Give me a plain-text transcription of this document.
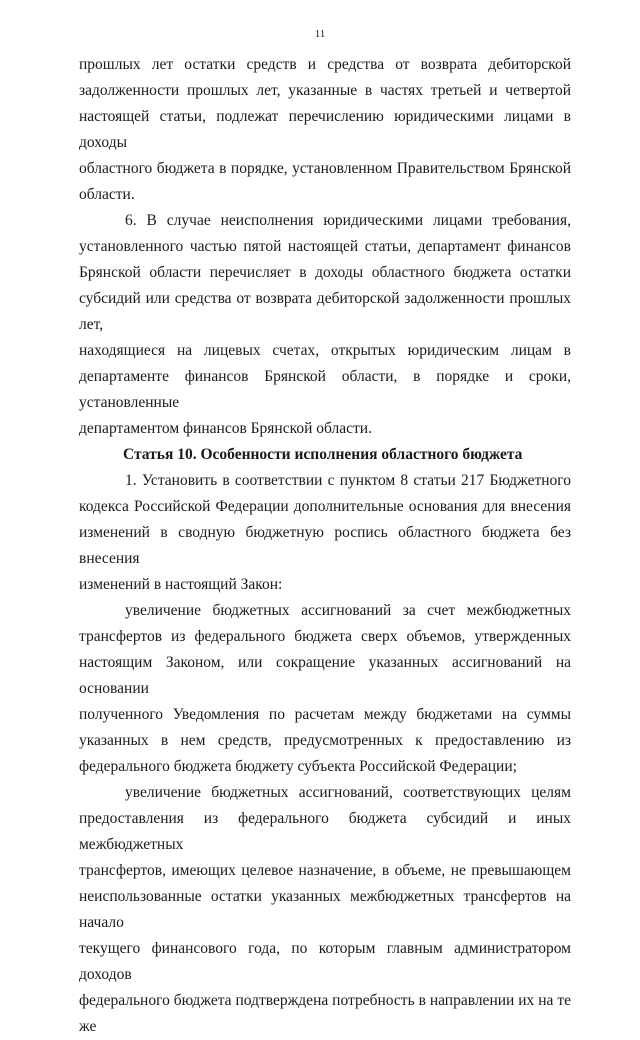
11

прошлых лет остатки средств и средства от возврата дебиторской

задолженности прошлых лет, указанные в частях третьей и четвертой

настоящей статьи, подлежат перечислению юридическими лицами в доходы

областного бюджета в порядке, установленном Правительством Брянской

области.

6. В случае неисполнения юридическими лицами требования,

установленного частью пятой настоящей статьи, департамент финансов

Брянской области перечисляет в доходы областного бюджета остатки

субсидий или средства от возврата дебиторской задолженности прошлых лет,

находящиеся на лицевых счетах, открытых юридическим лицам в

департаменте финансов Брянской области, в порядке и сроки, установленные

департаментом финансов Брянской области.

Статья 10. Особенности исполнения областного бюджета

1. Установить в соответствии с пунктом 8 статьи 217 Бюджетного

кодекса Российской Федерации дополнительные основания для внесения

изменений в сводную бюджетную роспись областного бюджета без внесения

изменений в настоящий Закон:

увеличение бюджетных ассигнований за счет межбюджетных

трансфертов из федерального бюджета сверх объемов, утвержденных

настоящим Законом, или сокращение указанных ассигнований на основании

полученного Уведомления по расчетам между бюджетами на суммы

указанных в нем средств, предусмотренных к предоставлению из

федерального бюджета бюджету субъекта Российской Федерации;

увеличение бюджетных ассигнований, соответствующих целям

предоставления из федерального бюджета субсидий и иных межбюджетных

трансфертов, имеющих целевое назначение, в объеме, не превышающем

неиспользованные остатки указанных межбюджетных трансфертов на начало

текущего финансового года, по которым главным администратором доходов

федерального бюджета подтверждена потребность в направлении их на те же
